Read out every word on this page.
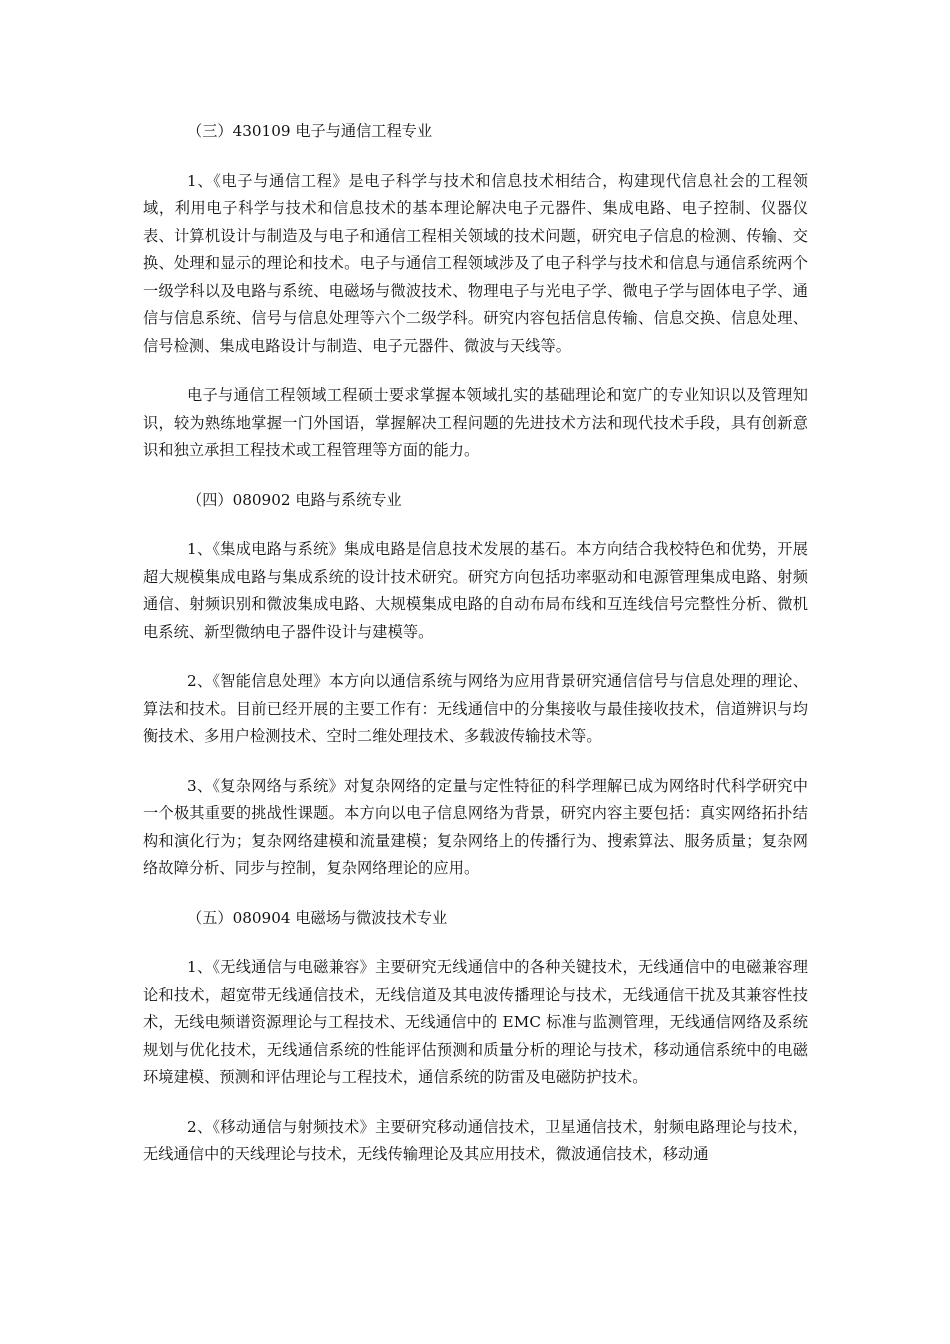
（三）430109 电子与通信工程专业

1、《电子与通信工程》是电子科学与技术和信息技术相结合，构建现代信息社会的工程领域，利用电子科学与技术和信息技术的基本理论解决电子元器件、集成电路、电子控制、仪器仪表、计算机设计与制造及与电子和通信工程相关领域的技术问题，研究电子信息的检测、传输、交换、处理和显示的理论和技术。电子与通信工程领域涉及了电子科学与技术和信息与通信系统两个一级学科以及电路与系统、电磁场与微波技术、物理电子与光电子学、微电子学与固体电子学、通信与信息系统、信号与信息处理等六个二级学科。研究内容包括信息传输、信息交换、信息处理、信号检测、集成电路设计与制造、电子元器件、微波与天线等。

电子与通信工程领域工程硕士要求掌握本领域扎实的基础理论和宽广的专业知识以及管理知识，较为熟练地掌握一门外国语，掌握解决工程问题的先进技术方法和现代技术手段，具有创新意识和独立承担工程技术或工程管理等方面的能力。

（四）080902 电路与系统专业

1、《集成电路与系统》集成电路是信息技术发展的基石。本方向结合我校特色和优势，开展超大规模集成电路与集成系统的设计技术研究。研究方向包括功率驱动和电源管理集成电路、射频通信、射频识别和微波集成电路、大规模集成电路的自动布局布线和互连线信号完整性分析、微机电系统、新型微纳电子器件设计与建模等。

2、《智能信息处理》本方向以通信系统与网络为应用背景研究通信信号与信息处理的理论、算法和技术。目前已经开展的主要工作有：无线通信中的分集接收与最佳接收技术，信道辨识与均衡技术、多用户检测技术、空时二维处理技术、多载波传输技术等。

3、《复杂网络与系统》对复杂网络的定量与定性特征的科学理解已成为网络时代科学研究中一个极其重要的挑战性课题。本方向以电子信息网络为背景，研究内容主要包括：真实网络拓扑结构和演化行为；复杂网络建模和流量建模；复杂网络上的传播行为、搜索算法、服务质量；复杂网络故障分析、同步与控制，复杂网络理论的应用。

（五）080904 电磁场与微波技术专业

1、《无线通信与电磁兼容》主要研究无线通信中的各种关键技术，无线通信中的电磁兼容理论和技术，超宽带无线通信技术，无线信道及其电波传播理论与技术，无线通信干扰及其兼容性技术，无线电频谱资源理论与工程技术、无线通信中的 EMC 标准与监测管理，无线通信网络及系统规划与优化技术，无线通信系统的性能评估预测和质量分析的理论与技术，移动通信系统中的电磁环境建模、预测和评估理论与工程技术，通信系统的防雷及电磁防护技术。

2、《移动通信与射频技术》主要研究移动通信技术，卫星通信技术，射频电路理论与技术，无线通信中的天线理论与技术，无线传输理论及其应用技术，微波通信技术，移动通
